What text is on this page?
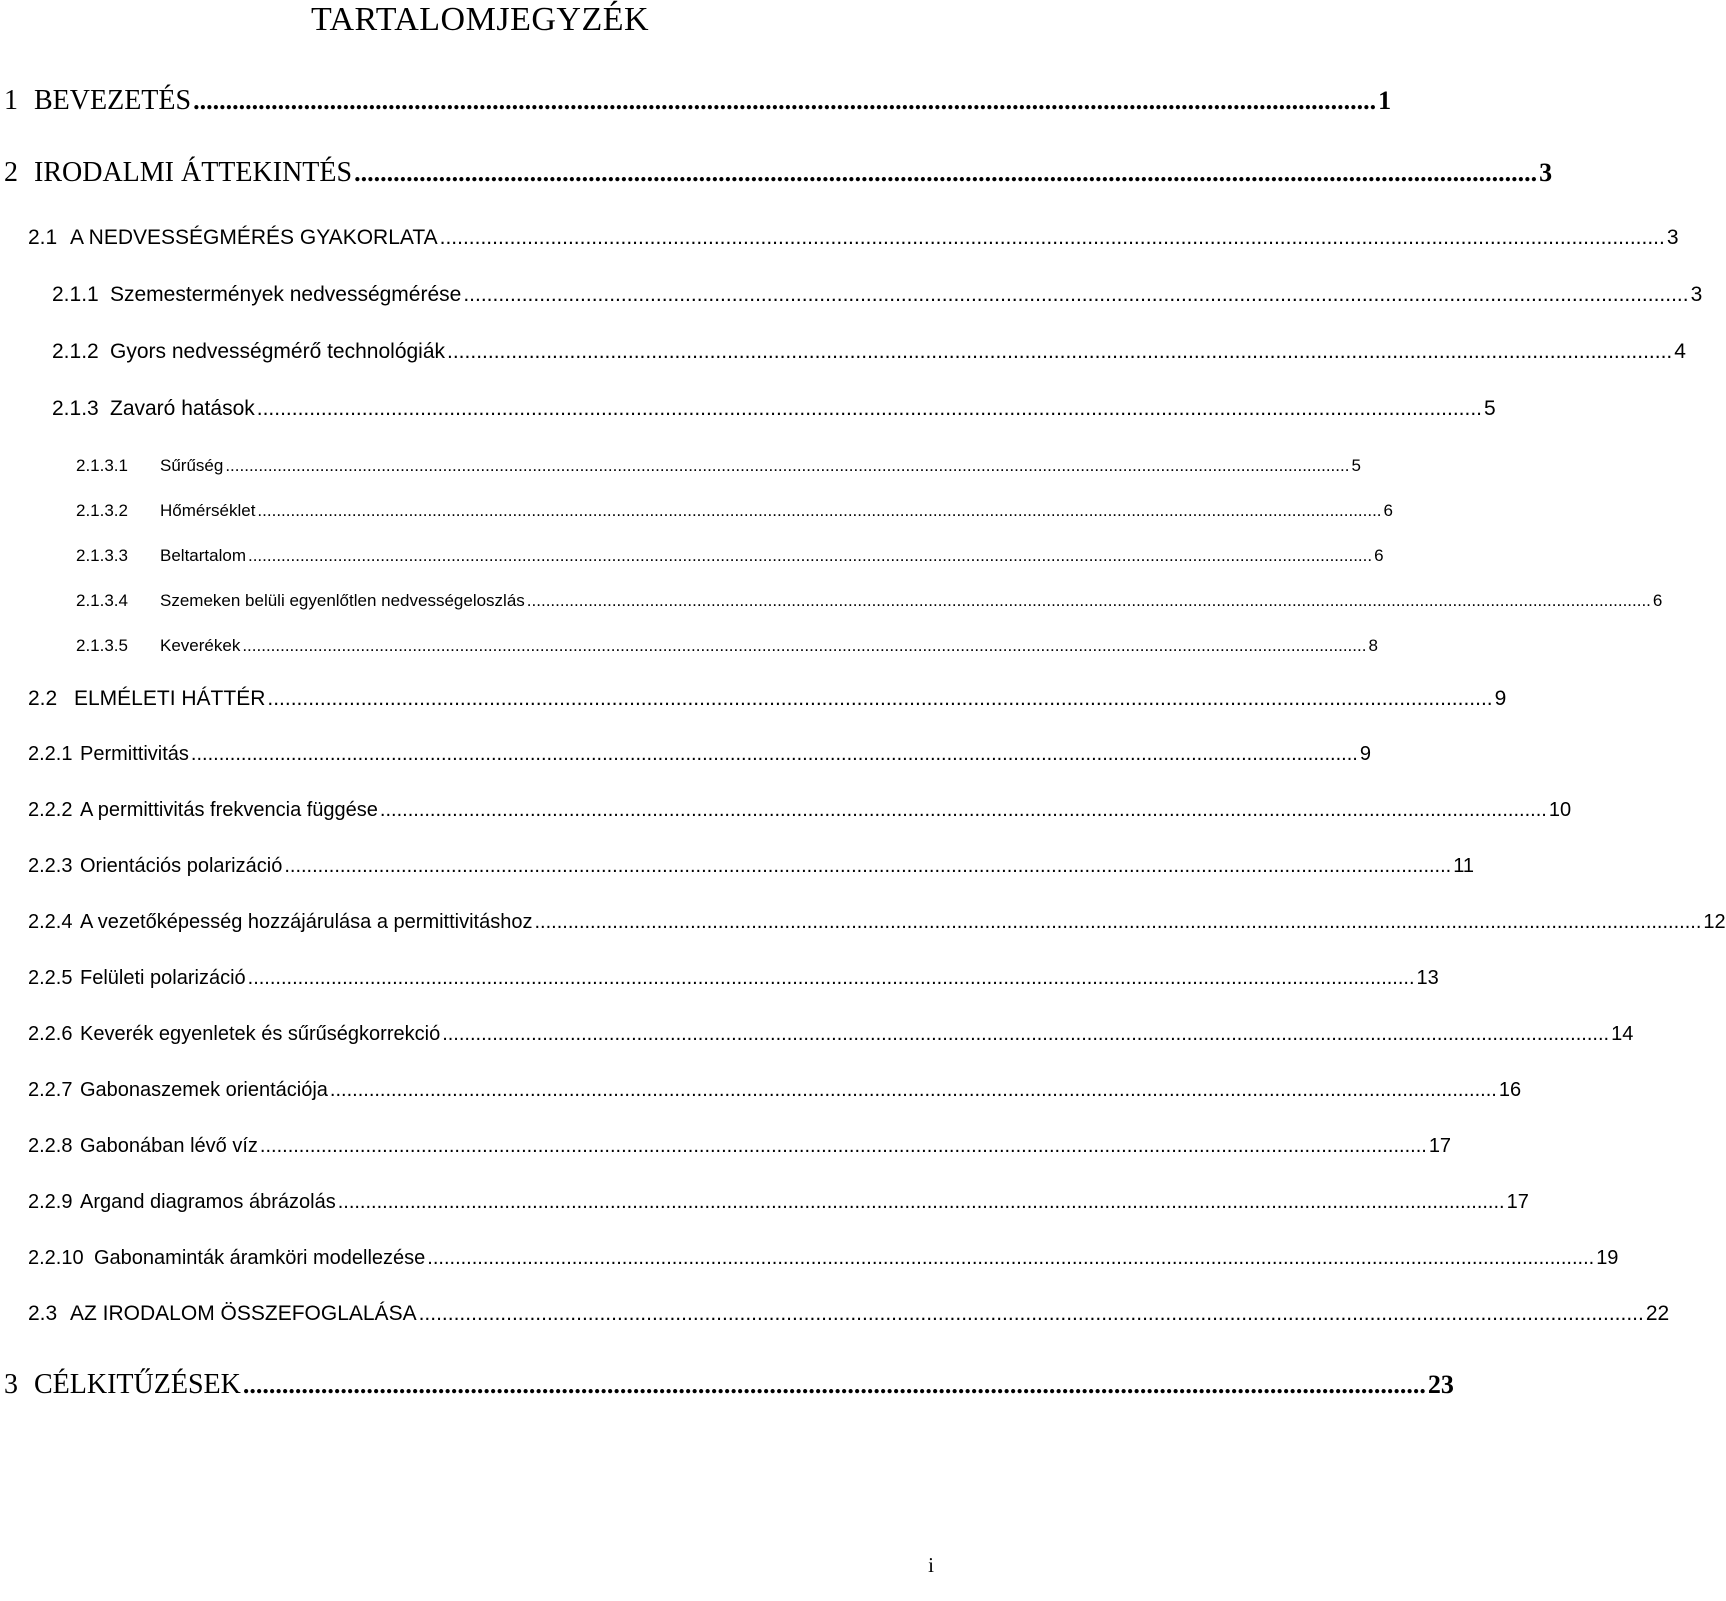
TARTALOMJEGYZÉK
1 BEVEZETÉS ...................................................................................................................................................................................... 1
2 IRODALMI ÁTTEKINTÉS ...................................................................................................................................................................................... 3
2.1 A NEDVESSÉGMÉRÉS GYAKORLATA .................................................................................................................................................................................................................. 3
2.1.1 Szemestermények nedvességmérése .................................................................................................................................................................................................................. 3
2.1.2 Gyors nedvességmérő technológiák .................................................................................................................................................................................................................. 4
2.1.3 Zavaró hatások .................................................................................................................................................................................................................. 5
2.1.3.1	Sűrűség .............................................................................................................................................................................................................................................. 5
2.1.3.2	Hőmérséklet .............................................................................................................................................................................................................................................. 6
2.1.3.3	Beltartalom .............................................................................................................................................................................................................................................. 6
2.1.3.4	Szemeken belüli egyenlőtlen nedvességeloszlás .............................................................................................................................................................................................................................................. 6
2.1.3.5	Keverékek .............................................................................................................................................................................................................................................. 8
2.2 ELMÉLETI HÁTTÉR .................................................................................................................................................................................................................. 9
2.2.1 Permittivitás .................................................................................................................................................................................................................. 9
2.2.2 A permittivitás frekvencia függése .................................................................................................................................................................................................................. 10
2.2.3 Orientációs polarizáció .................................................................................................................................................................................................................. 11
2.2.4 A vezetőképesség hozzájárulása a permittivitáshoz .................................................................................................................................................................................................................. 12
2.2.5 Felületi polarizáció .................................................................................................................................................................................................................. 13
2.2.6 Keverék egyenletek és sűrűségkorrekció .................................................................................................................................................................................................................. 14
2.2.7 Gabonaszemek orientációja .................................................................................................................................................................................................................. 16
2.2.8 Gabonában lévő víz .................................................................................................................................................................................................................. 17
2.2.9 Argand diagramos ábrázolás .................................................................................................................................................................................................................. 17
2.2.10 Gabonaminták áramköri modellezése .................................................................................................................................................................................................................. 19
2.3 AZ IRODALOM ÖSSZEFOGLALÁSA .................................................................................................................................................................................................................. 22
3 CÉLKITŰZÉSEK ...................................................................................................................................................................................... 23
i
